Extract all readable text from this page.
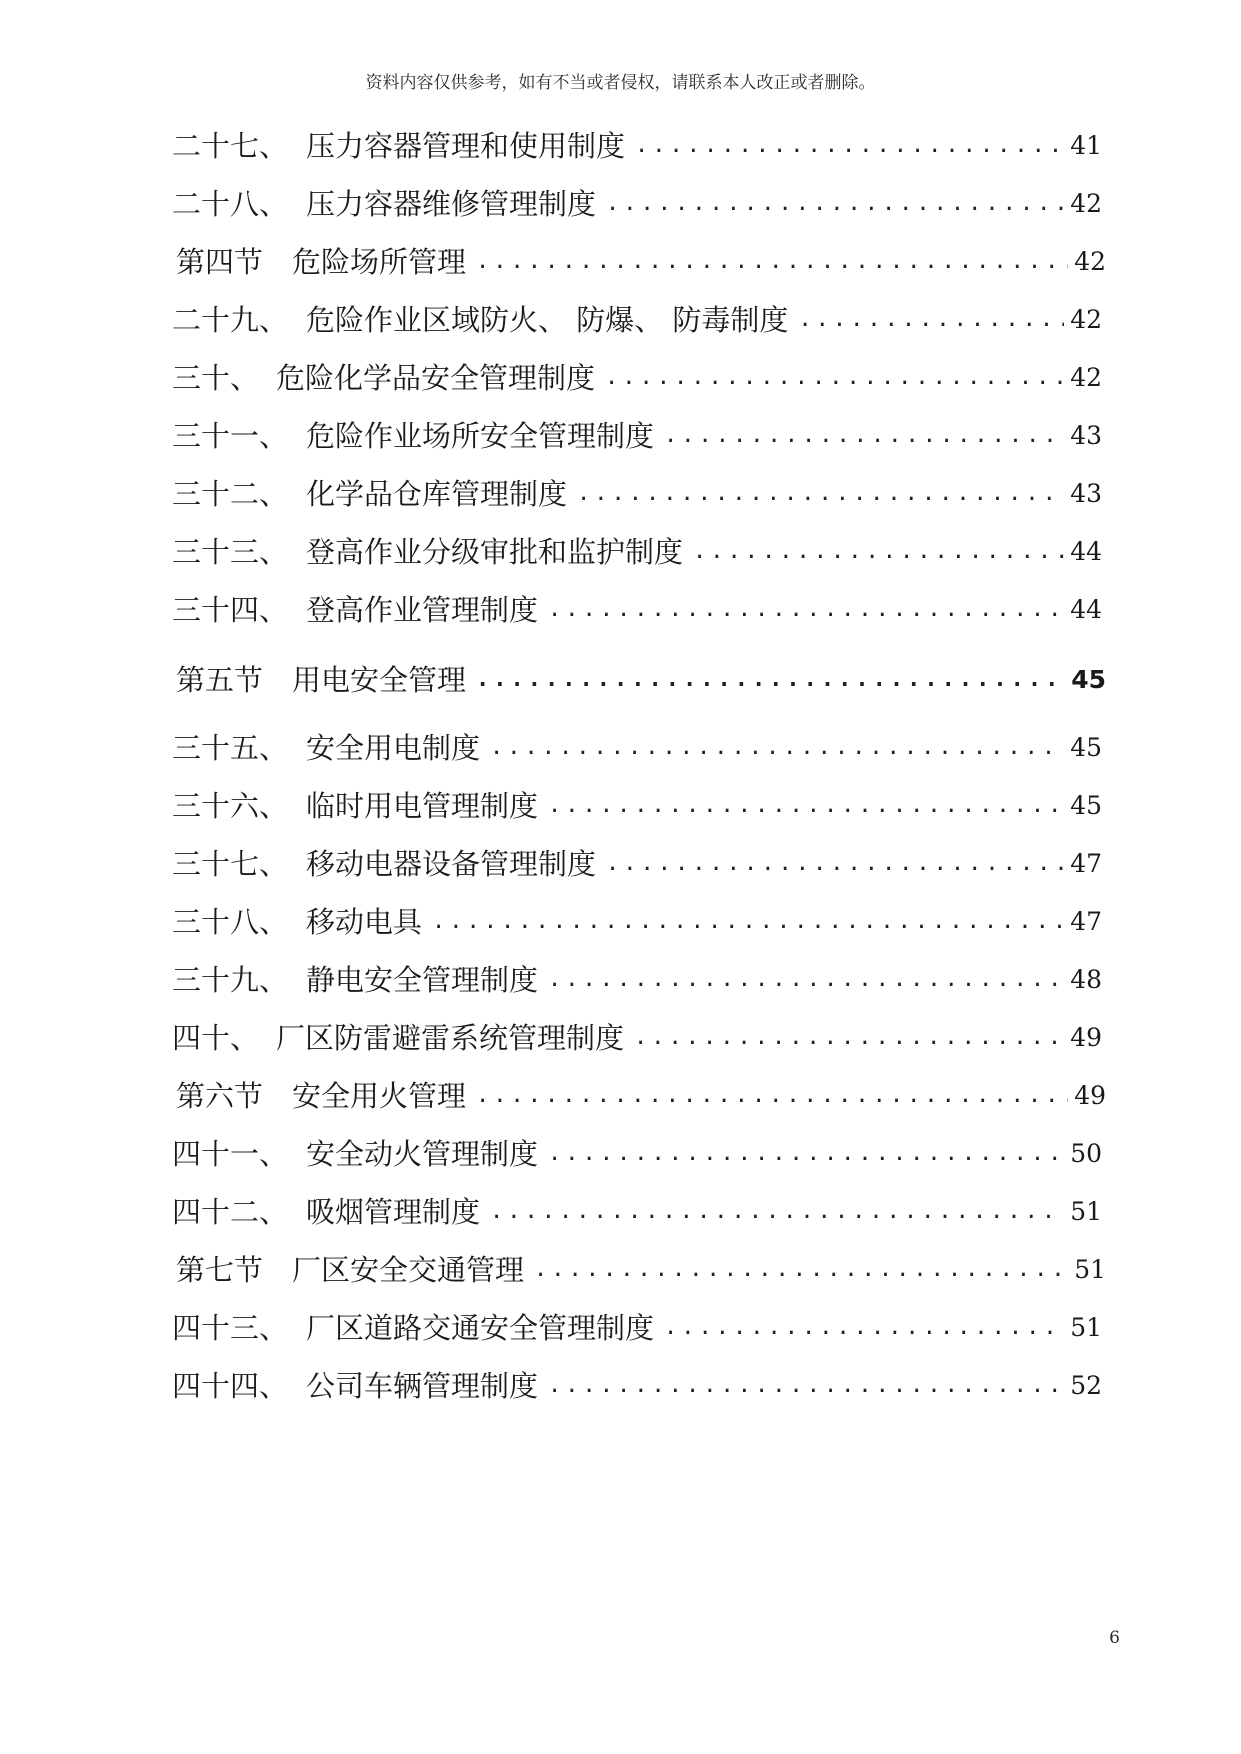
资料内容仅供参考，如有不当或者侵权，请联系本人改正或者删除。
二十七、 压力容器管理和使用制度 .....	41
二十八、 压力容器维修管理制度 .....	42
第四节 危险场所管理 .....	42
二十九、 危险作业区域防火、 防爆、 防毒制度 .....	42
三十、 危险化学品安全管理制度 .....	42
三十一、 危险作业场所安全管理制度 .....	43
三十二、 化学品仓库管理制度 .....	43
三十三、 登高作业分级审批和监护制度 .....	44
三十四、 登高作业管理制度 .....	44
第五节 用电安全管理 .....	45
三十五、 安全用电制度 .....	45
三十六、 临时用电管理制度 .....	45
三十七、 移动电器设备管理制度 .....	47
三十八、 移动电具 .....	47
三十九、 静电安全管理制度 .....	48
四十、 厂区防雷避雷系统管理制度 .....	49
第六节 安全用火管理 .....	49
四十一、 安全动火管理制度 .....	50
四十二、 吸烟管理制度 .....	51
第七节 厂区安全交通管理 .....	51
四十三、 厂区道路交通安全管理制度 .....	51
四十四、 公司车辆管理制度 .....	52
6
